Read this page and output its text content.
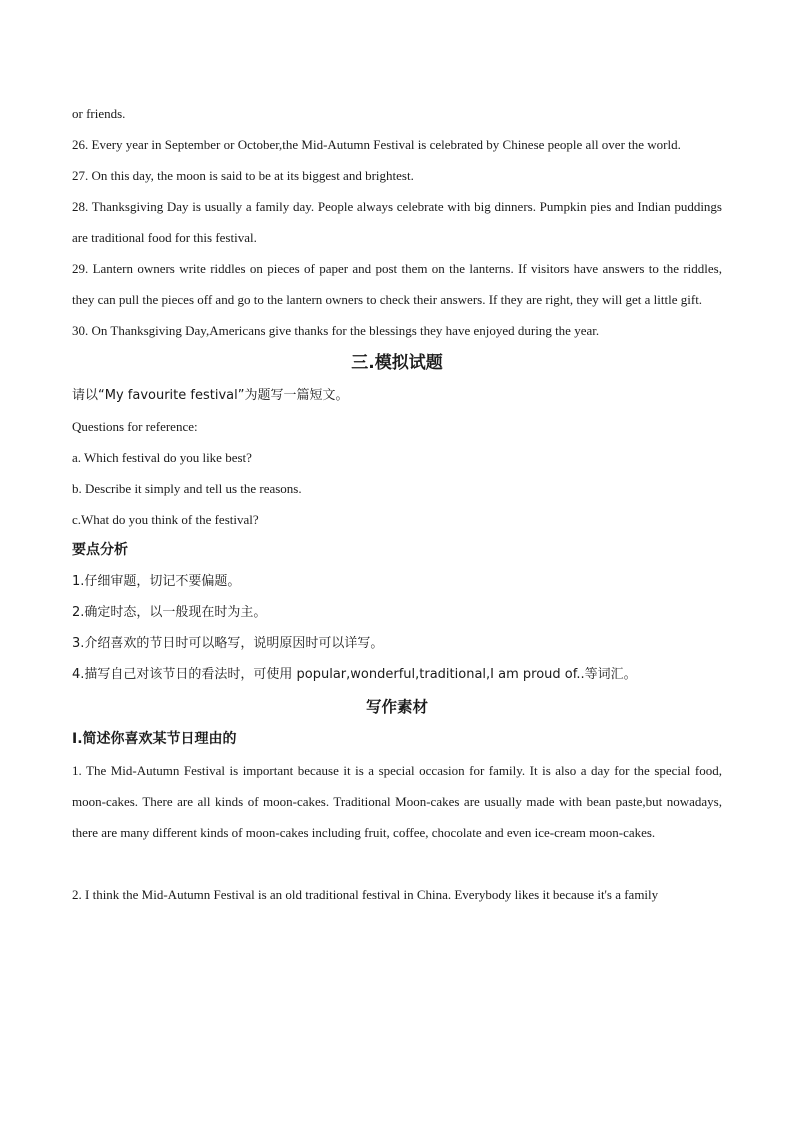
or friends.

26. Every year in September or October,the Mid-Autumn Festival is celebrated by Chinese people all over the world.

27. On this day, the moon is said to be at its biggest and brightest.

28. Thanksgiving Day is usually a family day. People always celebrate with big dinners. Pumpkin pies and Indian puddings are traditional food for this festival.

29. Lantern owners write riddles on pieces of paper and post them on the lanterns. If visitors have answers to the riddles, they can pull the pieces off and go to the lantern owners to check their answers. If they are right, they will get a little gift.

30. On Thanksgiving Day,Americans give thanks for the blessings they have enjoyed during the year.

三.模拟试题

请以“My favourite festival”为题写一篇短文。

Questions for reference:

a. Which festival do you like best?

b. Describe it simply and tell us the reasons.

c.What do you think of the festival?

要点分析

1.仔细审题，切记不要偏题。

2.确定时态，以一般现在时为主。

3.介绍喜欢的节日时可以略写，说明原因时可以详写。

4.描写自己对该节日的看法时，可使用 popular,wonderful,traditional,I am proud of..等词汇。

写作素材
I.简述你喜欢某节日理由的

1. The Mid-Autumn Festival is important because it is a special occasion for family. It is also a day for the special food, moon-cakes. There are all kinds of moon-cakes. Traditional Moon-cakes are usually made with bean paste,but nowadays, there are many different kinds of moon-cakes including fruit, coffee, chocolate and even ice-cream moon-cakes.

2. I think the Mid-Autumn Festival is an old traditional festival in China. Everybody likes it because it's a family
